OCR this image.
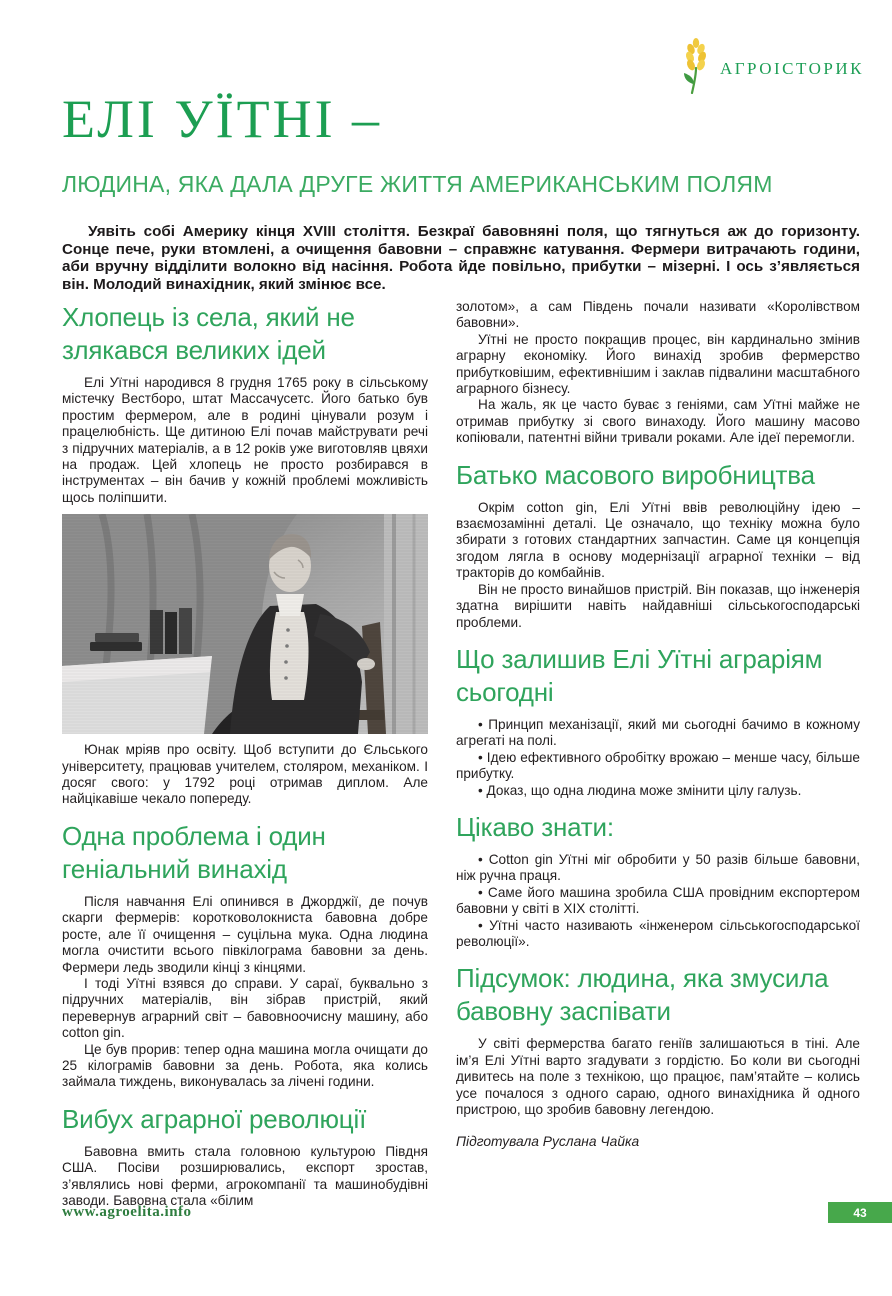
АГРОІСТОРИК
ЕЛІ УЇТНІ –
ЛЮДИНА, ЯКА ДАЛА ДРУГЕ ЖИТТЯ АМЕРИКАНСЬКИМ ПОЛЯМ

Уявіть собі Америку кінця XVIII століття. Безкраї бавовняні поля, що тягнуться аж до горизонту. Сонце пече, руки втомлені, а очищення бавовни – справжнє катування. Фермери витрачають години, аби вручну відділити волокно від насіння. Робота йде повільно, прибутки – мізерні. І ось з’являється він. Молодий винахідник, який змінює все.

Хлопець із села, який не злякався великих ідей

Елі Уїтні народився 8 грудня 1765 року в сільському містечку Вестборо, штат Массачусетс. Його батько був простим фермером, але в родині цінували розум і працелюбність. Ще дитиною Елі почав майструвати речі з підручних матеріалів, а в 12 років уже виготовляв цвяхи на продаж. Цей хлопець не просто розбирався в інструментах – він бачив у кожній проблемі можливість щось поліпшити.

Юнак мріяв про освіту. Щоб вступити до Єльського університету, працював учителем, столяром, механіком. І досяг свого: у 1792 році отримав диплом. Але найцікавіше чекало попереду.

Одна проблема і один геніальний винахід

Після навчання Елі опинився в Джорджії, де почув скарги фермерів: коротковолокниста бавовна добре росте, але її очищення – суцільна мука. Одна людина могла очистити всього півкілограма бавовни за день. Фермери ледь зводили кінці з кінцями.

І тоді Уїтні взявся до справи. У сараї, буквально з підручних матеріалів, він зібрав пристрій, який перевернув аграрний світ – бавовноочисну машину, або cotton gin.

Це був прорив: тепер одна машина могла очищати до 25 кілограмів бавовни за день. Робота, яка колись займала тиждень, виконувалась за лічені години.

Вибух аграрної революції

Бавовна вмить стала головною культурою Півдня США. Посіви розширювались, експорт зростав, з’являлись нові ферми, агрокомпанії та машинобудівні заводи. Бавовна стала «білим

золотом», а сам Південь почали називати «Королівством бавовни».

Уїтні не просто покращив процес, він кардинально змінив аграрну економіку. Його винахід зробив фермерство прибутковішим, ефективнішим і заклав підвалини масштабного аграрного бізнесу.

На жаль, як це часто буває з геніями, сам Уїтні майже не отримав прибутку зі свого винаходу. Його машину масово копіювали, патентні війни тривали роками. Але ідеї перемогли.

Батько масового виробництва

Окрім cotton gin, Елі Уїтні ввів революційну ідею – взаємозамінні деталі. Це означало, що техніку можна було збирати з готових стандартних запчастин. Саме ця концепція згодом лягла в основу модернізації аграрної техніки – від тракторів до комбайнів.

Він не просто винайшов пристрій. Він показав, що інженерія здатна вирішити навіть найдавніші сільськогосподарські проблеми.

Що залишив Елі Уїтні аграріям сьогодні

• Принцип механізації, який ми сьогодні бачимо в кожному агрегаті на полі.

• Ідею ефективного обробітку врожаю – менше часу, більше прибутку.

• Доказ, що одна людина може змінити цілу галузь.

Цікаво знати:

• Cotton gin Уїтні міг обробити у 50 разів більше бавовни, ніж ручна праця.

• Саме його машина зробила США провідним експортером бавовни у світі в XIX столітті.

• Уїтні часто називають «інженером сільськогосподарської революції».

Підсумок: людина, яка змусила бавовну заспівати

У світі фермерства багато геніїв залишаються в тіні. Але ім’я Елі Уїтні варто згадувати з гордістю. Бо коли ви сьогодні дивитесь на поле з технікою, що працює, пам’ятайте – колись усе почалося з одного сараю, одного винахідника й одного пристрою, що зробив бавовну легендою.

Підготувала Руслана Чайка

www.agroelita.info	43
